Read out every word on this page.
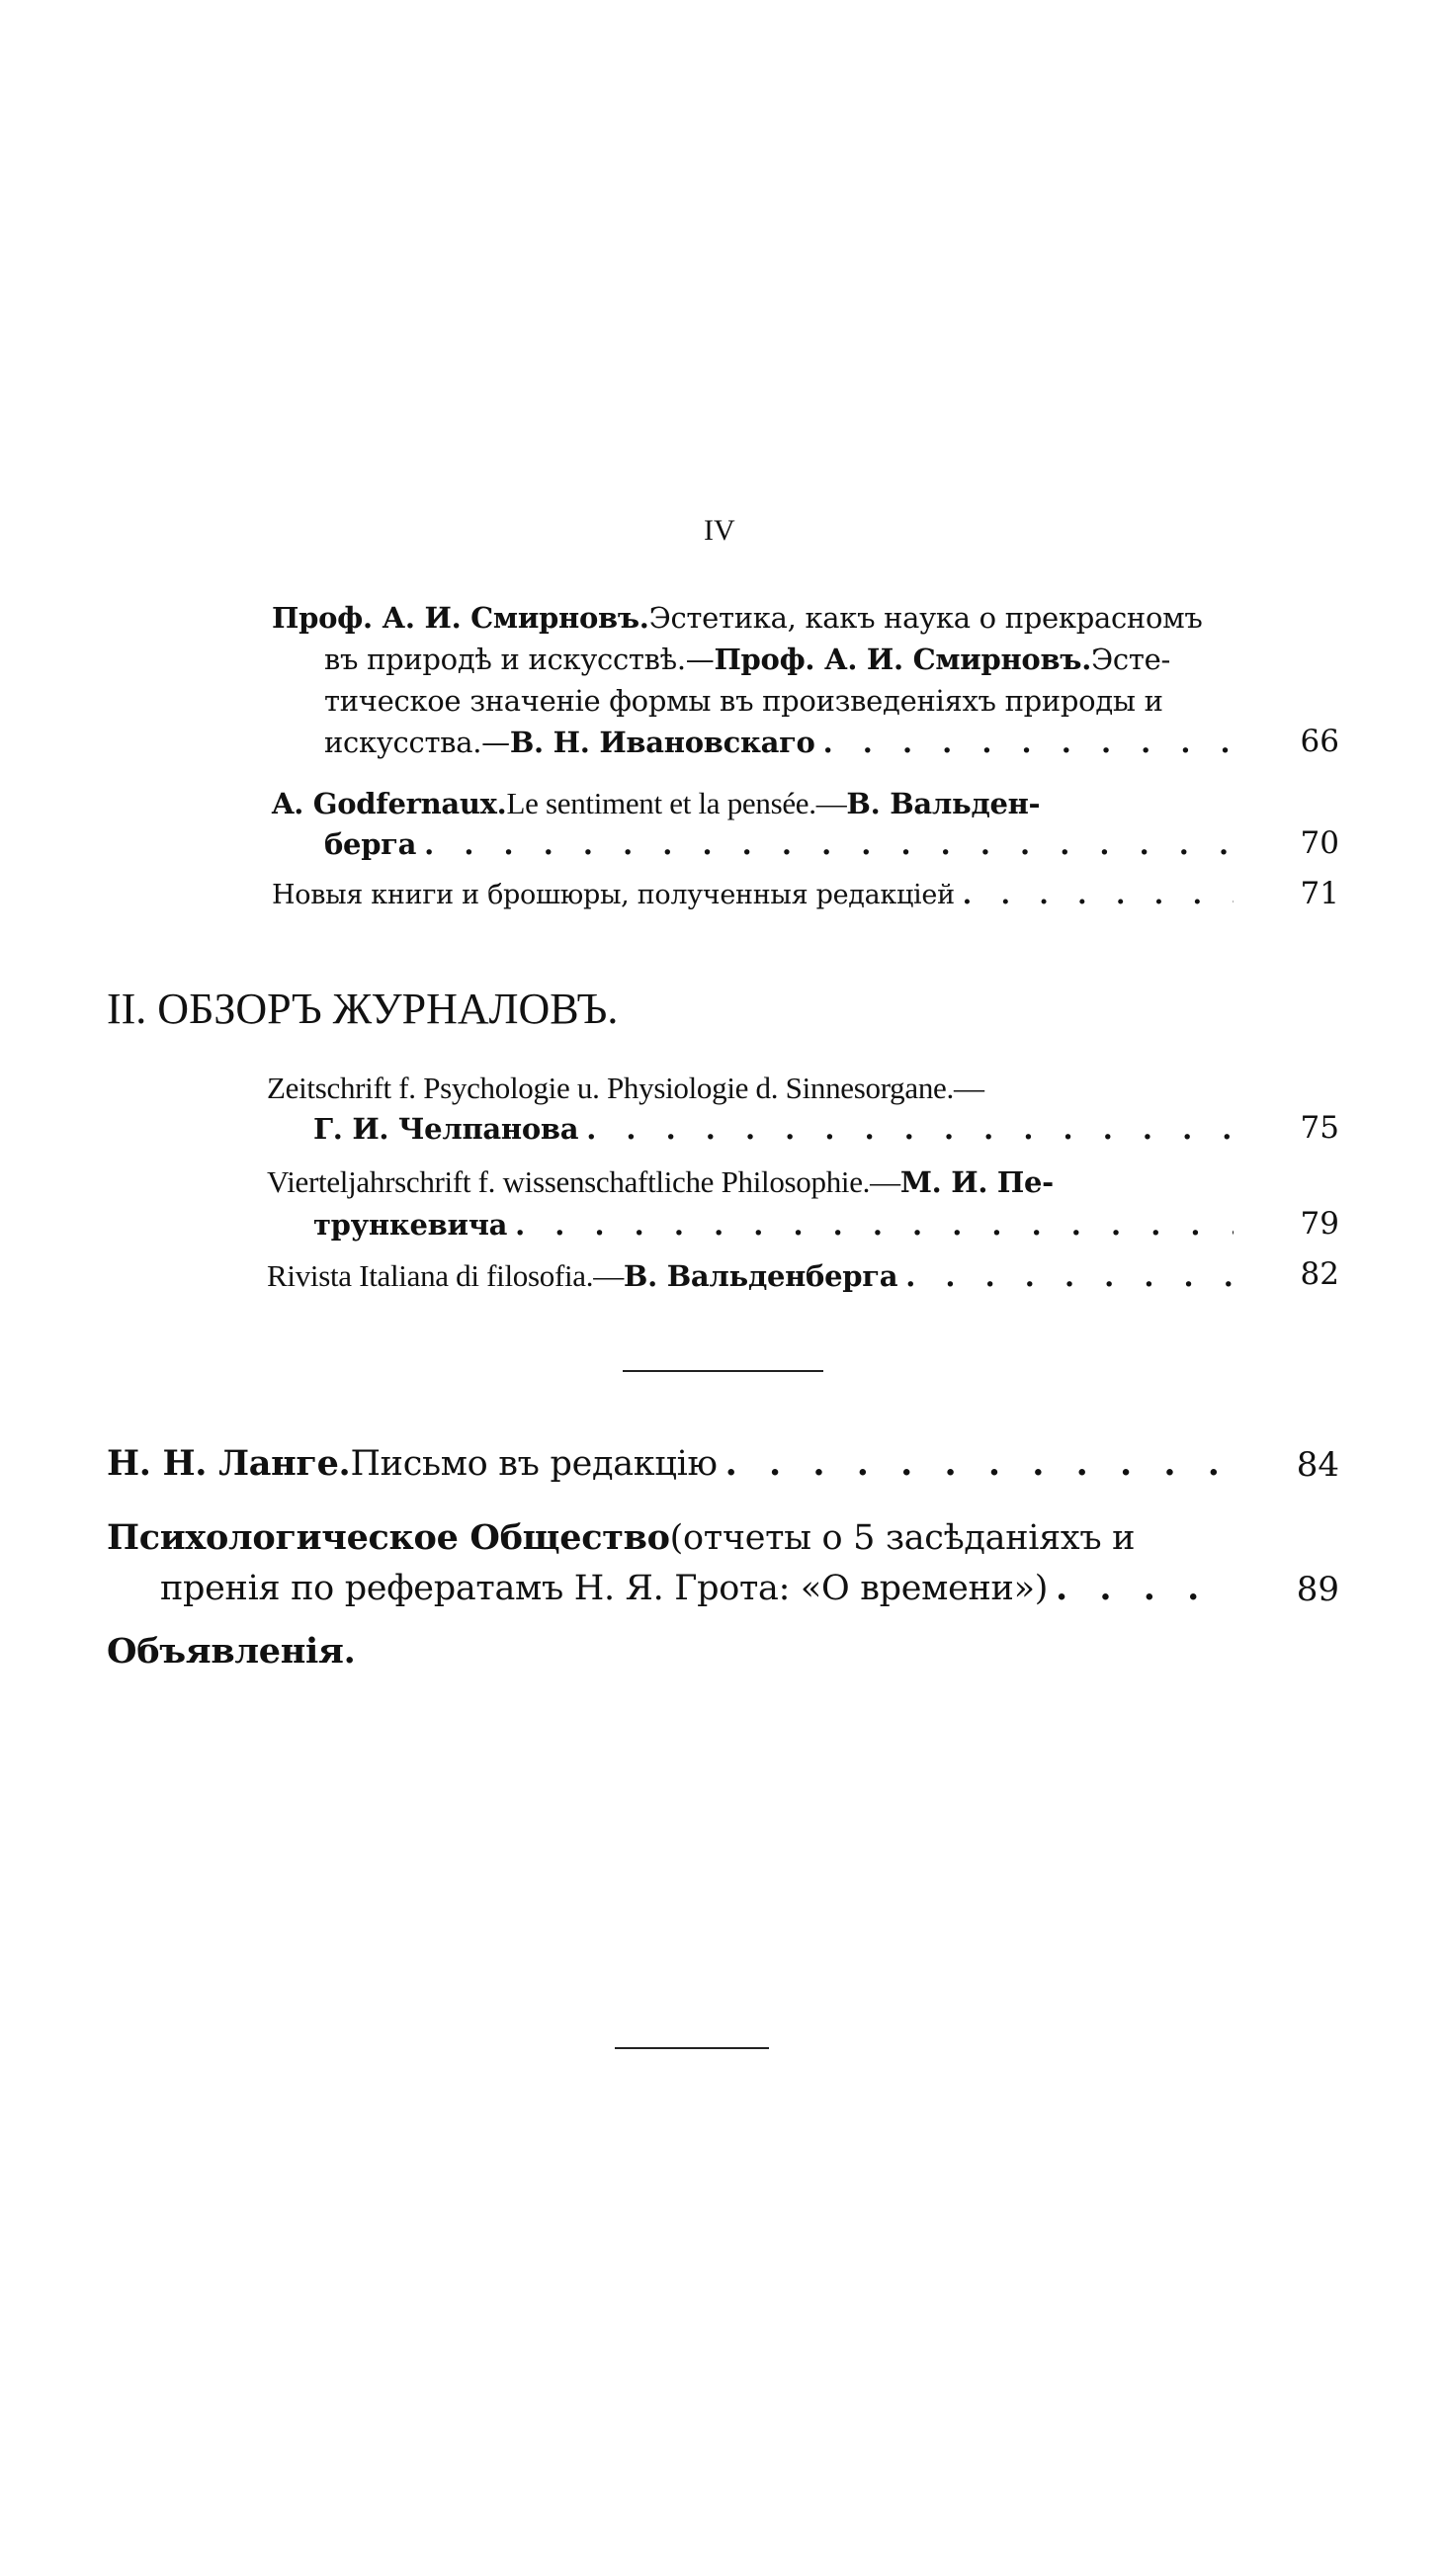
IV
Проф. А. И. Смирновъ. Эстетика, какъ наука о прекрасномъ
въ природѣ и искусствѣ.— Проф. А. И. Смирновъ. Эсте-
тическое значенiе формы въ произведенiяхъ природы и
искусства.— В. Н. Ивановскаго . . .	66
A. Godfernaux. Le sentiment et la pensée.— В. Вальден-
берга . . .	70
Новыя книги и брошюры, полученныя редакцiей . . .	71
II. ОБЗОРЪ ЖУРНАЛОВЪ.
Zeitschrift f. Psychologie u. Physiologie d. Sinnesorgane.—
Г. И. Челпанова . . .	75
Vierteljahrschrift f. wissenschaftliche Philosophie.— М. И. Пе-
трункевича . . .	79
Rivista Italiana di filosofia.— В. Вальденберга . . .	82
Н. Н. Ланге. Письмо въ редакцiю . . .	84
Психологическое Общество (отчеты о 5 засѣданiяхъ и
пренiя по рефератамъ Н. Я. Грота: «О времени») . . .	89
Объявленiя.
